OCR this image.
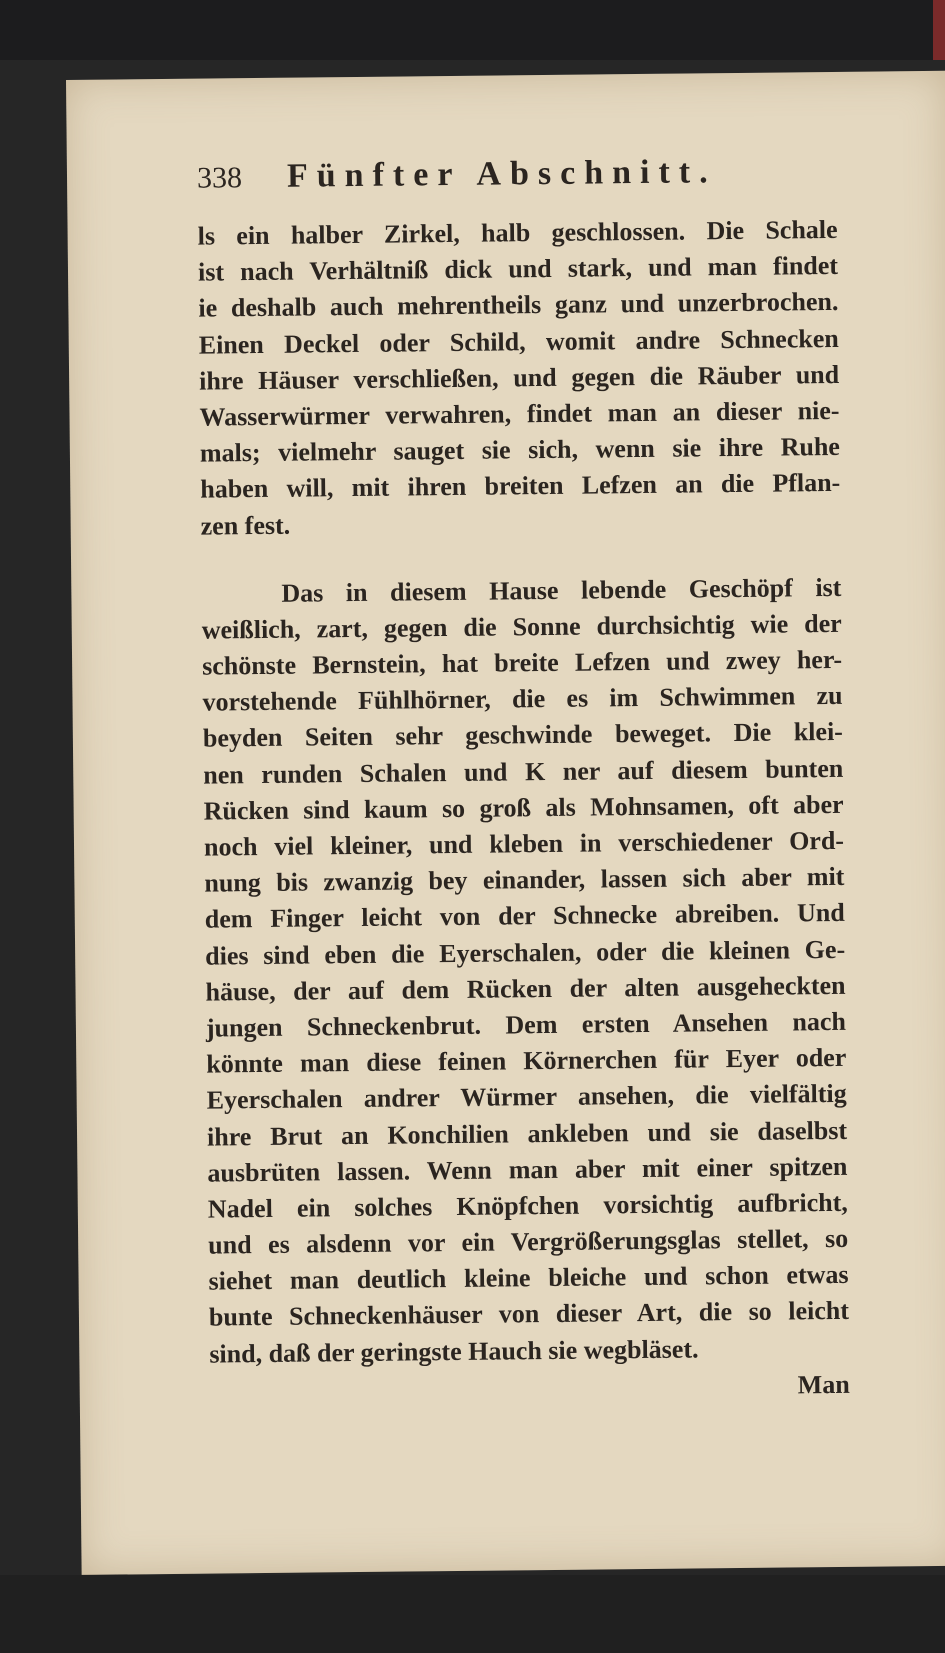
338	Fünfter Abschnitt.
ls ein halber Zirkel, halb geschlossen. Die Schale
ist nach Verhältniß dick und stark, und man findet
ie deshalb auch mehrentheils ganz und unzerbrochen.
Einen Deckel oder Schild, womit andre Schnecken
ihre Häuser verschließen, und gegen die Räuber und
Wasserwürmer verwahren, findet man an dieser nie-
mals; vielmehr sauget sie sich, wenn sie ihre Ruhe
haben will, mit ihren breiten Lefzen an die Pflan-
zen fest.
Das in diesem Hause lebende Geschöpf ist
weißlich, zart, gegen die Sonne durchsichtig wie der
schönste Bernstein, hat breite Lefzen und zwey her-
vorstehende Fühlhörner, die es im Schwimmen zu
beyden Seiten sehr geschwinde beweget. Die klei-
nen runden Schalen und K ner auf diesem bunten
Rücken sind kaum so groß als Mohnsamen, oft aber
noch viel kleiner, und kleben in verschiedener Ord-
nung bis zwanzig bey einander, lassen sich aber mit
dem Finger leicht von der Schnecke abreiben. Und
dies sind eben die Eyerschalen, oder die kleinen Ge-
häuse, der auf dem Rücken der alten ausgeheckten
jungen Schneckenbrut. Dem ersten Ansehen nach
könnte man diese feinen Körnerchen für Eyer oder
Eyerschalen andrer Würmer ansehen, die vielfältig
ihre Brut an Konchilien ankleben und sie daselbst
ausbrüten lassen. Wenn man aber mit einer spitzen
Nadel ein solches Knöpfchen vorsichtig aufbricht,
und es alsdenn vor ein Vergrößerungsglas stellet, so
siehet man deutlich kleine bleiche und schon etwas
bunte Schneckenhäuser von dieser Art, die so leicht
sind, daß der geringste Hauch sie wegbläset.
Man
